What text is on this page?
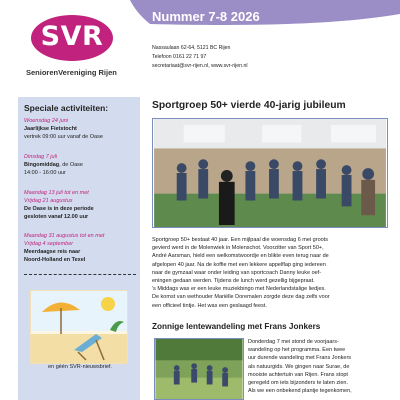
SVR
SeniorenVereniging Rijen
Nummer 7-8 2026
Nassaulaan 62-64, 5121 BC Rijen
Telefoon 0161 22 71 97
secretariaat@svr-rijen.nl, www.svr-rijen.nl
Speciale activiteiten:
Woensdag 24 juni
Jaarlijkse Fietstocht
vertrek 09:00 uur vanaf de Oase
Dinsdag 7 juli
Bingomiddag, de Oase
14:00 - 16:00 uur
Maandag 13 juli tot en met
Vrijdag 21 augustus
De Oase is in deze periode
gesloten vanaf 12.00 uur
Maandag 31 augustus tot en met
Vrijdag 4 september
Meerdaagse reis naar
Noord-Holland en Texel
en géén SVR-nieuwsbrief.
Sportgroep 50+ vierde 40-jarig jubileum
Sportgroep 50+ bestaat 40 jaar. Een mijlpaal die woensdag 6 mei groots
gevierd werd in de Molenwiek in Molenschot. Voorzitter van Sport 50+,
André Aarsman, hield een welkomstwoordje en blikte even terug naar de
afgelopen 40 jaar. Na de koffie met een lekkere appelflap ging iedereen
naar de gymzaal waar onder leiding van sportcoach Danny leuke oef-
eningen gedaan werden. Tijdens de lunch werd gezellig bijgepraat.
's Middags was er een leuke muziekbingo met Nederlandstalige liedjes.
De komst van wethouder Mariëlle Doremalen zorgde deze dag zelfs voor
een officieel tintje. Het was een geslaagd feest.
Zonnige lentewandeling met Frans Jonkers
Donderdag 7 mei stond de voorjaars-
wandeling op het programma. Een twee
uur durende wandeling met Frans Jonkers
als natuurgids. We gingen naar Surae, de
mooiste achtertuin van Rijen. Frans stopt
geregeld om iets bijzonders te laten zien.
Als we een onbekend plantje tegenkomen,
